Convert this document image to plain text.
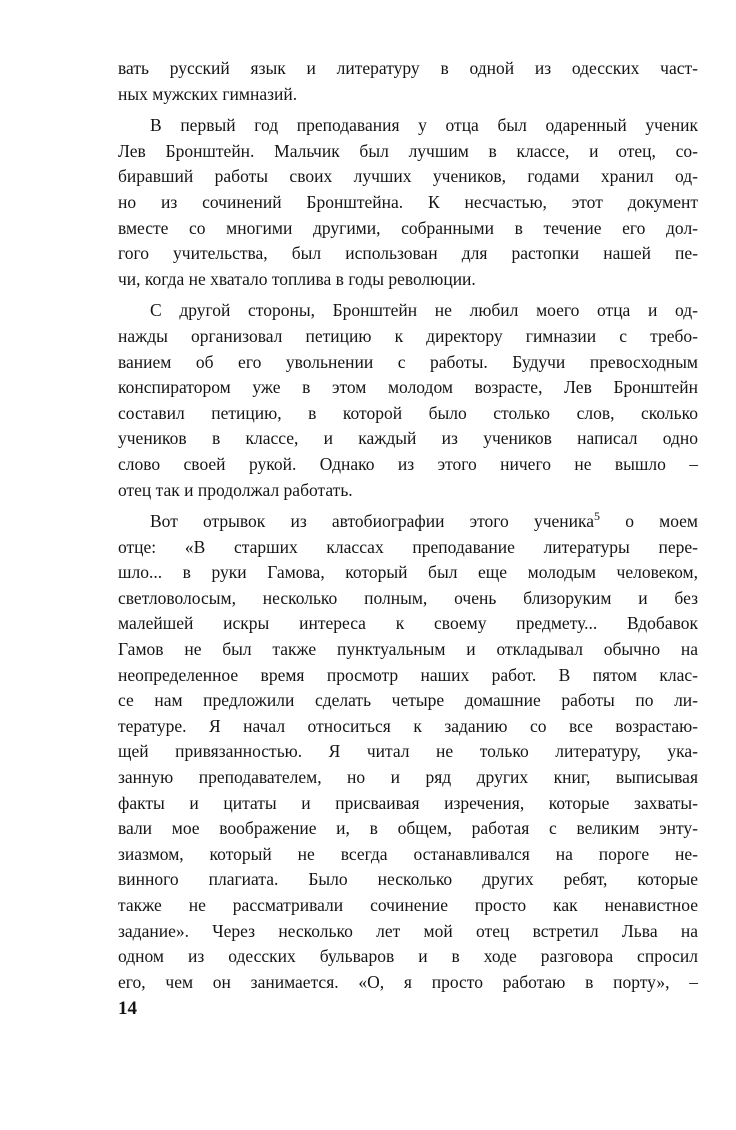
вать русский язык и литературу в одной из одесских част-
ных мужских гимназий.
В первый год преподавания у отца был одаренный ученик
Лев Бронштейн. Мальчик был лучшим в классе, и отец, со-
биравший работы своих лучших учеников, годами хранил од-
но из сочинений Бронштейна. К несчастью, этот документ
вместе со многими другими, собранными в течение его дол-
гого учительства, был использован для растопки нашей пе-
чи, когда не хватало топлива в годы революции.
С другой стороны, Бронштейн не любил моего отца и од-
нажды организовал петицию к директору гимназии с требо-
ванием об его увольнении с работы. Будучи превосходным
конспиратором уже в этом молодом возрасте, Лев Бронштейн
составил петицию, в которой было столько слов, сколько
учеников в классе, и каждый из учеников написал одно
слово своей рукой. Однако из этого ничего не вышло –
отец так и продолжал работать.
Вот отрывок из автобиографии этого ученика$^5$ о моем
отце: «В старших классах преподавание литературы пере-
шло... в руки Гамова, который был еще молодым человеком,
светловолосым, несколько полным, очень близоруким и без
малейшей искры интереса к своему предмету... Вдобавок
Гамов не был также пунктуальным и откладывал обычно на
неопределенное время просмотр наших работ. В пятом клас-
се нам предложили сделать четыре домашние работы по ли-
тературе. Я начал относиться к заданию со все возрастаю-
щей привязанностью. Я читал не только литературу, ука-
занную преподавателем, но и ряд других книг, выписывая
факты и цитаты и присваивая изречения, которые захваты-
вали мое воображение и, в общем, работая с великим энту-
зиазмом, который не всегда останавливался на пороге не-
винного плагиата. Было несколько других ребят, которые
также не рассматривали сочинение просто как ненавистное
задание». Через несколько лет мой отец встретил Льва на
одном из одесских бульваров и в ходе разговора спросил
его, чем он занимается. «О, я просто работаю в порту», –
14
